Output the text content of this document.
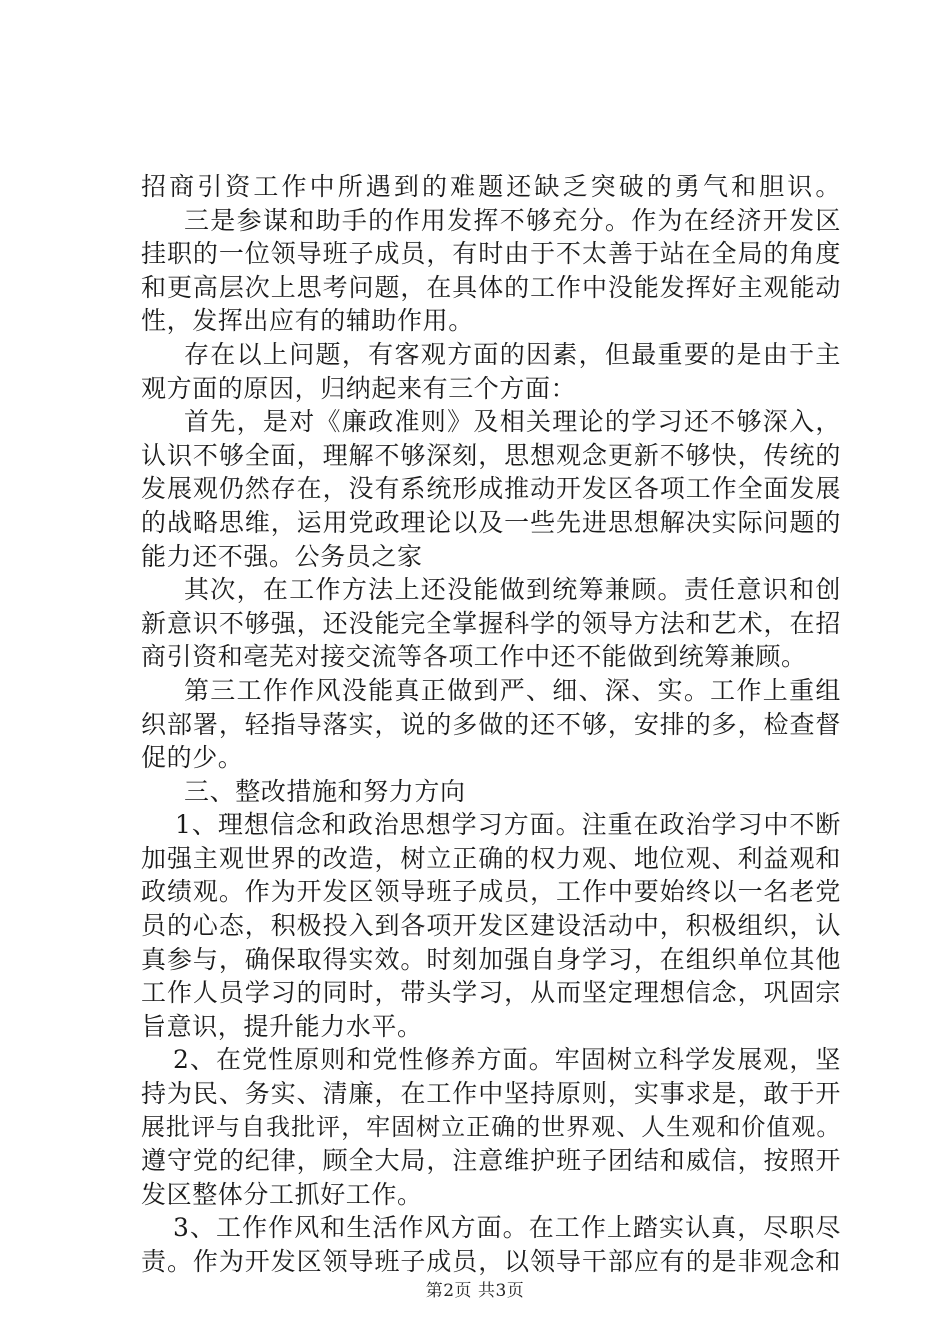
招商引资工作中所遇到的难题还缺乏突破的勇气和胆识。
三是参谋和助手的作用发挥不够充分。作为在经济开发区
挂职的一位领导班子成员，有时由于不太善于站在全局的角度
和更高层次上思考问题，在具体的工作中没能发挥好主观能动
性，发挥出应有的辅助作用。
存在以上问题，有客观方面的因素，但最重要的是由于主
观方面的原因，归纳起来有三个方面：
首先，是对《廉政准则》及相关理论的学习还不够深入，
认识不够全面，理解不够深刻，思想观念更新不够快，传统的
发展观仍然存在，没有系统形成推动开发区各项工作全面发展
的战略思维，运用党政理论以及一些先进思想解决实际问题的
能力还不强。公务员之家
其次，在工作方法上还没能做到统筹兼顾。责任意识和创
新意识不够强，还没能完全掌握科学的领导方法和艺术，在招
商引资和亳芜对接交流等各项工作中还不能做到统筹兼顾。
第三工作作风没能真正做到严、细、深、实。工作上重组
织部署，轻指导落实，说的多做的还不够，安排的多，检查督
促的少。
三、整改措施和努力方向
1、理想信念和政治思想学习方面。注重在政治学习中不断
加强主观世界的改造，树立正确的权力观、地位观、利益观和
政绩观。作为开发区领导班子成员，工作中要始终以一名老党
员的心态，积极投入到各项开发区建设活动中，积极组织，认
真参与，确保取得实效。时刻加强自身学习，在组织单位其他
工作人员学习的同时，带头学习，从而坚定理想信念，巩固宗
旨意识，提升能力水平。
2、在党性原则和党性修养方面。牢固树立科学发展观，坚
持为民、务实、清廉，在工作中坚持原则，实事求是，敢于开
展批评与自我批评，牢固树立正确的世界观、人生观和价值观。
遵守党的纪律，顾全大局，注意维护班子团结和威信，按照开
发区整体分工抓好工作。
3、工作作风和生活作风方面。在工作上踏实认真，尽职尽
责。作为开发区领导班子成员，以领导干部应有的是非观念和
第2页 共3页
